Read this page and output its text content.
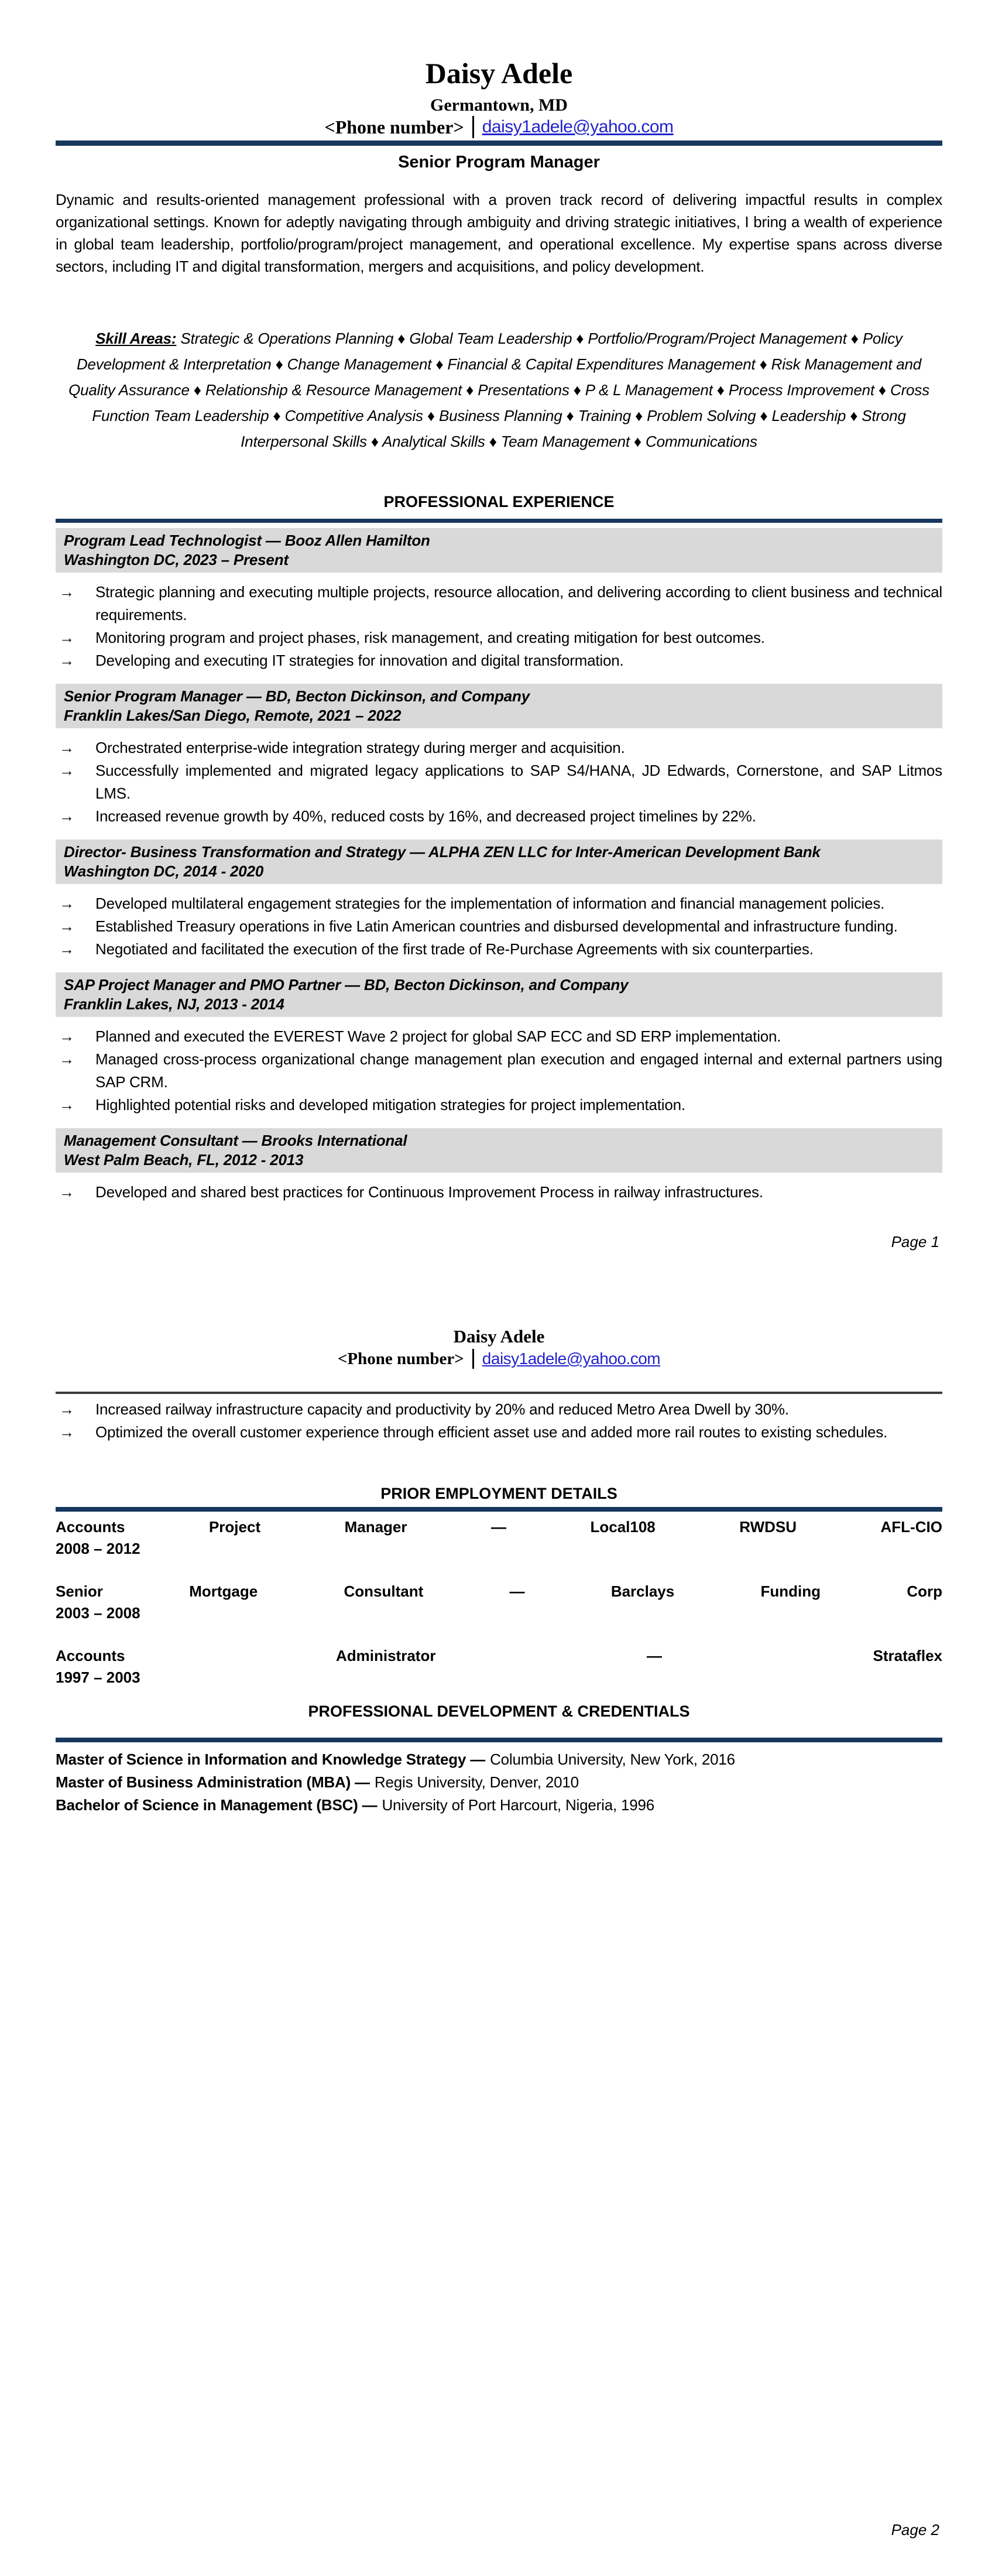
Daisy Adele
Germantown, MD
<Phone number> daisy1adele@yahoo.com
Senior Program Manager
Dynamic and results-oriented management professional with a proven track record of delivering impactful results in complex organizational settings. Known for adeptly navigating through ambiguity and driving strategic initiatives, I bring a wealth of experience in global team leadership, portfolio/program/project management, and operational excellence. My expertise spans across diverse sectors, including IT and digital transformation, mergers and acquisitions, and policy development.
Skill Areas: Strategic & Operations Planning ♦ Global Team Leadership ♦ Portfolio/Program/Project Management ♦ Policy Development & Interpretation ♦ Change Management ♦ Financial & Capital Expenditures Management ♦ Risk Management and Quality Assurance ♦ Relationship & Resource Management ♦ Presentations ♦ P & L Management ♦ Process Improvement ♦ Cross Function Team Leadership ♦ Competitive Analysis ♦ Business Planning ♦ Training ♦ Problem Solving ♦ Leadership ♦ Strong Interpersonal Skills ♦ Analytical Skills ♦ Team Management ♦ Communications
PROFESSIONAL EXPERIENCE
Program Lead Technologist — Booz Allen Hamilton
Washington DC, 2023 – Present
→	Strategic planning and executing multiple projects, resource allocation, and delivering according to client business and technical requirements.
→	Monitoring program and project phases, risk management, and creating mitigation for best outcomes.
→	Developing and executing IT strategies for innovation and digital transformation.
Senior Program Manager — BD, Becton Dickinson, and Company
Franklin Lakes/San Diego, Remote, 2021 – 2022
→	Orchestrated enterprise-wide integration strategy during merger and acquisition.
→	Successfully implemented and migrated legacy applications to SAP S4/HANA, JD Edwards, Cornerstone, and SAP Litmos LMS.
→	Increased revenue growth by 40%, reduced costs by 16%, and decreased project timelines by 22%.
Director- Business Transformation and Strategy — ALPHA ZEN LLC for Inter-American Development Bank
Washington DC, 2014 - 2020
→	Developed multilateral engagement strategies for the implementation of information and financial management policies.
→	Established Treasury operations in five Latin American countries and disbursed developmental and infrastructure funding.
→	Negotiated and facilitated the execution of the first trade of Re-Purchase Agreements with six counterparties.
SAP Project Manager and PMO Partner — BD, Becton Dickinson, and Company
Franklin Lakes, NJ, 2013 - 2014
→	Planned and executed the EVEREST Wave 2 project for global SAP ECC and SD ERP implementation.
→	Managed cross-process organizational change management plan execution and engaged internal and external partners using SAP CRM.
→	Highlighted potential risks and developed mitigation strategies for project implementation.
Management Consultant — Brooks International
West Palm Beach, FL, 2012 - 2013
→	Developed and shared best practices for Continuous Improvement Process in railway infrastructures.
Page 1
Daisy Adele
<Phone number> daisy1adele@yahoo.com
→	Increased railway infrastructure capacity and productivity by 20% and reduced Metro Area Dwell by 30%.
→	Optimized the overall customer experience through efficient asset use and added more rail routes to existing schedules.
PRIOR EMPLOYMENT DETAILS
Accounts	Project	Manager	—	Local108	RWDSU	AFL-CIO
2008 – 2012
Senior	Mortgage	Consultant	—	Barclays	Funding	Corp
2003 – 2008
Accounts	Administrator	—	Strataflex
1997 – 2003
PROFESSIONAL DEVELOPMENT & CREDENTIALS
Master of Science in Information and Knowledge Strategy — Columbia University, New York, 2016
Master of Business Administration (MBA) — Regis University, Denver, 2010
Bachelor of Science in Management (BSC) — University of Port Harcourt, Nigeria, 1996
Page 2
